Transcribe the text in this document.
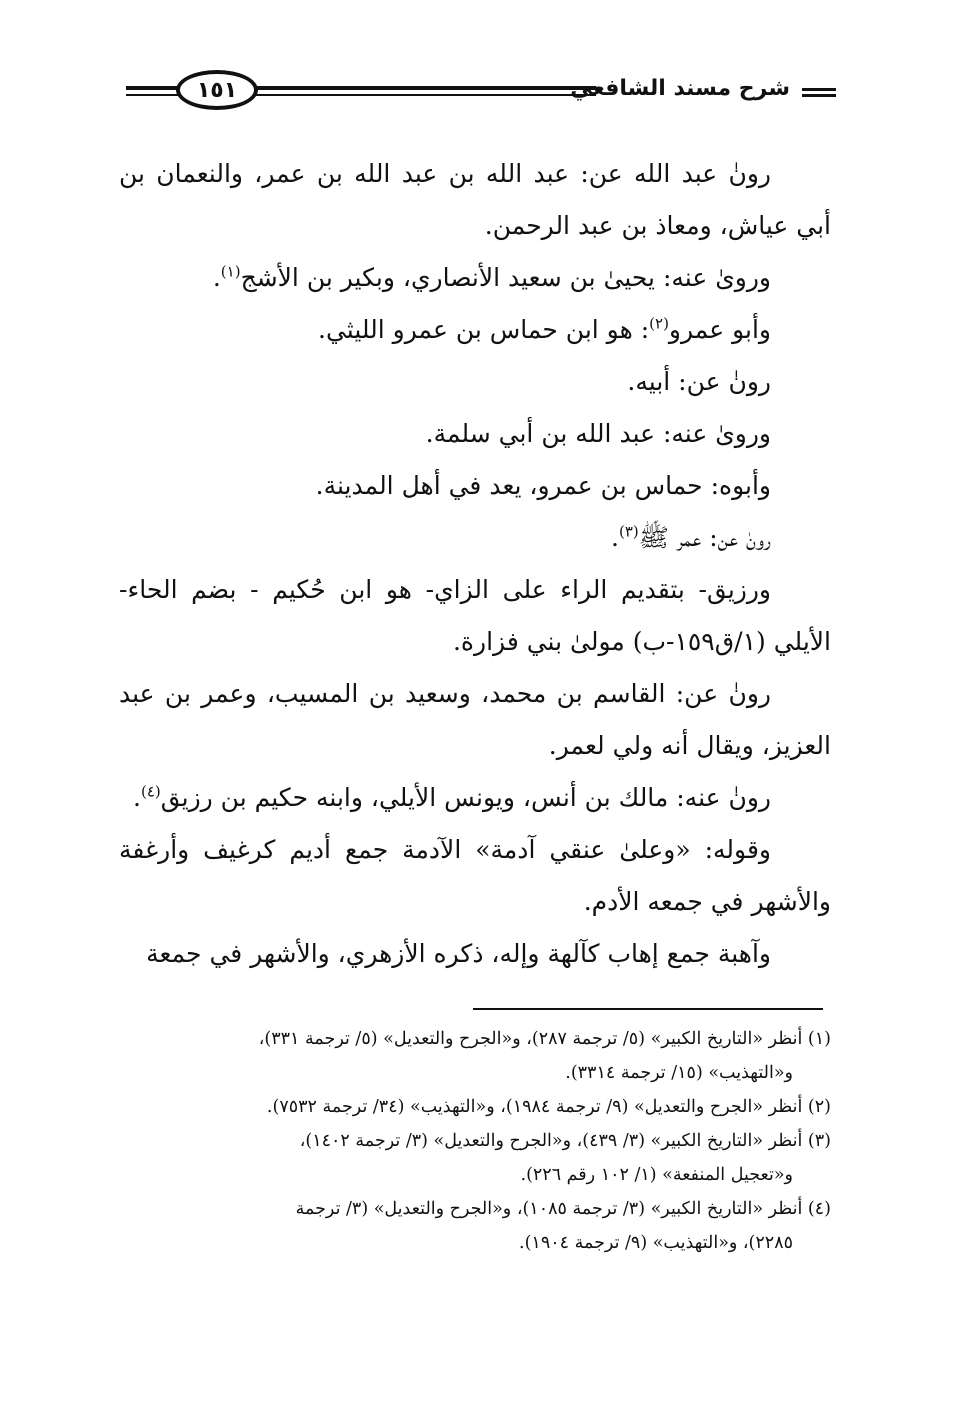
شرح مسند الشافعي
١٥١

رونٰ عبد الله عن: عبد الله بن عبد الله بن عمر، والنعمان بن أبي عياش، ومعاذ بن عبد الرحمن.

وروىٰ عنه: يحيىٰ بن سعيد الأنصاري، وبكير بن الأشج$^{(١)}$.

وأبو عمرو$^{(٢)}$: هو ابن حماس بن عمرو الليثي.

رونٰ عن: أبيه.

وروىٰ عنه: عبد الله بن أبي سلمة.

وأبوه: حماس بن عمرو، يعد في أهل المدينة.

رونٰ عن: عمر ﷺ$^{(٣)}$.

ورزيق- بتقديم الراء على الزاي- هو ابن حُكيم - بضم الحاء- الأيلي (١/ق١٥٩-ب) مولىٰ بني فزارة.

رونٰ عن: القاسم بن محمد، وسعيد بن المسيب، وعمر بن عبد العزيز، ويقال أنه ولي لعمر.

رونٰ عنه: مالك بن أنس، ويونس الأيلي، وابنه حكيم بن رزيق$^{(٤)}$.

وقوله: «وعلىٰ عنقي آدمة» الآدمة جمع أديم كرغيف وأرغفة والأشهر في جمعه الأدم.

وآهبة جمع إهاب كآلهة وإله، ذكره الأزهري، والأشهر في جمعة

(١) أنظر «التاريخ الكبير» (٥/ ترجمة ٢٨٧)، و«الجرح والتعديل» (٥/ ترجمة ٣٣١)،

و«التهذيب» (١٥/ ترجمة ٣٣١٤).

(٢) أنظر «الجرح والتعديل» (٩/ ترجمة ١٩٨٤)، و«التهذيب» (٣٤/ ترجمة ٧٥٣٢).

(٣) أنظر «التاريخ الكبير» (٣/ ٤٣٩)، و«الجرح والتعديل» (٣/ ترجمة ١٤٠٢)،

و«تعجيل المنفعة» (١/ ١٠٢ رقم ٢٢٦).

(٤) أنظر «التاريخ الكبير» (٣/ ترجمة ١٠٨٥)، و«الجرح والتعديل» (٣/ ترجمة

٢٢٨٥)، و«التهذيب» (٩/ ترجمة ١٩٠٤).
